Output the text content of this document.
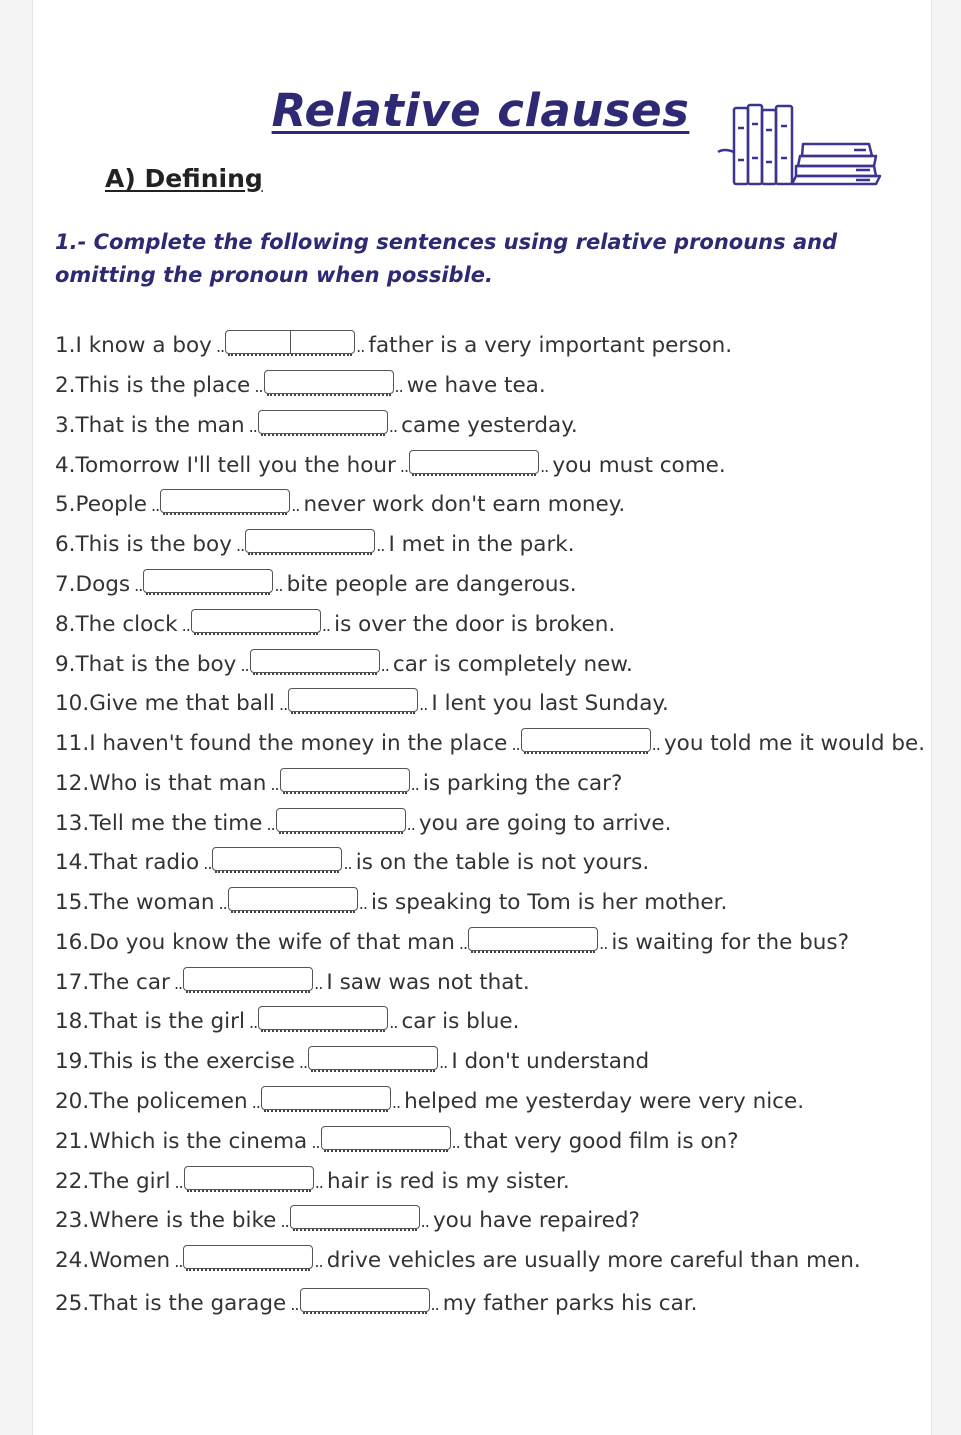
Relative clauses
A) Defining
1.- Complete the following sentences using relative pronouns and omitting the pronoun when possible.
1.I know a boy ..	.. father is a very important person.
2.This is the place ..	.. we have tea.
3.That is the man ..	.. came yesterday.
4.Tomorrow I'll tell you the hour ..	.. you must come.
5.People ..	.. never work don't earn money.
6.This is the boy ..	.. I met in the park.
7.Dogs ..	.. bite people are dangerous.
8.The clock ..	.. is over the door is broken.
9.That is the boy ..	.. car is completely new.
10.Give me that ball ..	.. I lent you last Sunday.
11.I haven't found the money in the place ..	.. you told me it would be.
12.Who is that man ..	.. is parking the car?
13.Tell me the time ..	.. you are going to arrive.
14.That radio ..	.. is on the table is not yours.
15.The woman ..	.. is speaking to Tom is her mother.
16.Do you know the wife of that man ..	.. is waiting for the bus?
17.The car ..	.. I saw was not that.
18.That is the girl ..	.. car is blue.
19.This is the exercise ..	.. I don't understand
20.The policemen ..	.. helped me yesterday were very nice.
21.Which is the cinema ..	.. that very good film is on?
22.The girl ..	.. hair is red is my sister.
23.Where is the bike ..	.. you have repaired?
24.Women ..	.. drive vehicles are usually more careful than men.
25.That is the garage ..	.. my father parks his car.
